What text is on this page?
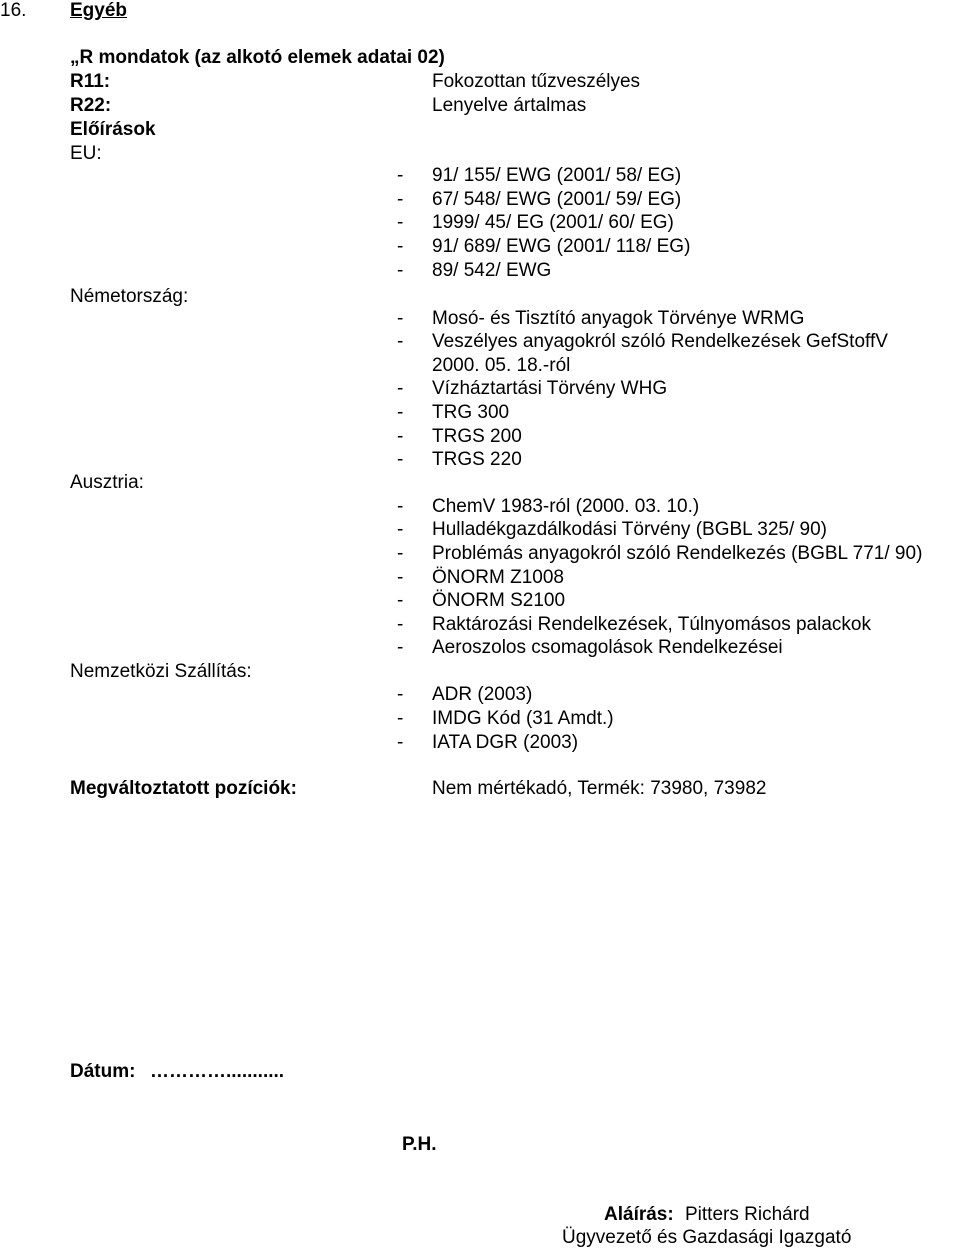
16. Egyéb
„R mondatok (az alkotó elemek adatai 02)
R11:	Fokozottan tűzveszélyes
R22:	Lenyelve ártalmas
Előírások
EU:
- 91/ 155/ EWG (2001/ 58/ EG)
- 67/ 548/ EWG (2001/ 59/ EG)
- 1999/ 45/ EG (2001/ 60/ EG)
- 91/ 689/ EWG (2001/ 118/ EG)
- 89/ 542/ EWG
Németország:
- Mosó- és Tisztító anyagok Törvénye WRMG
- Veszélyes anyagokról szóló Rendelkezések GefStoffV
2000. 05. 18.-ról
- Vízháztartási Törvény WHG
- TRG 300
- TRGS 200
- TRGS 220
Ausztria:
- ChemV 1983-ról (2000. 03. 10.)
- Hulladékgazdálkodási Törvény (BGBL 325/ 90)
- Problémás anyagokról szóló Rendelkezés (BGBL 771/ 90)
- ÖNORM Z1008
- ÖNORM S2100
- Raktározási Rendelkezések, Túlnyomásos palackok
- Aeroszolos csomagolások Rendelkezései
Nemzetközi Szállítás:
- ADR (2003)
- IMDG Kód (31 Amdt.)
- IATA DGR (2003)
Megváltoztatott pozíciók:	Nem mértékadó, Termék: 73980, 73982
Dátum: …………...........
P.H.
Aláírás: Pitters Richárd
Ügyvezető és Gazdasági Igazgató
